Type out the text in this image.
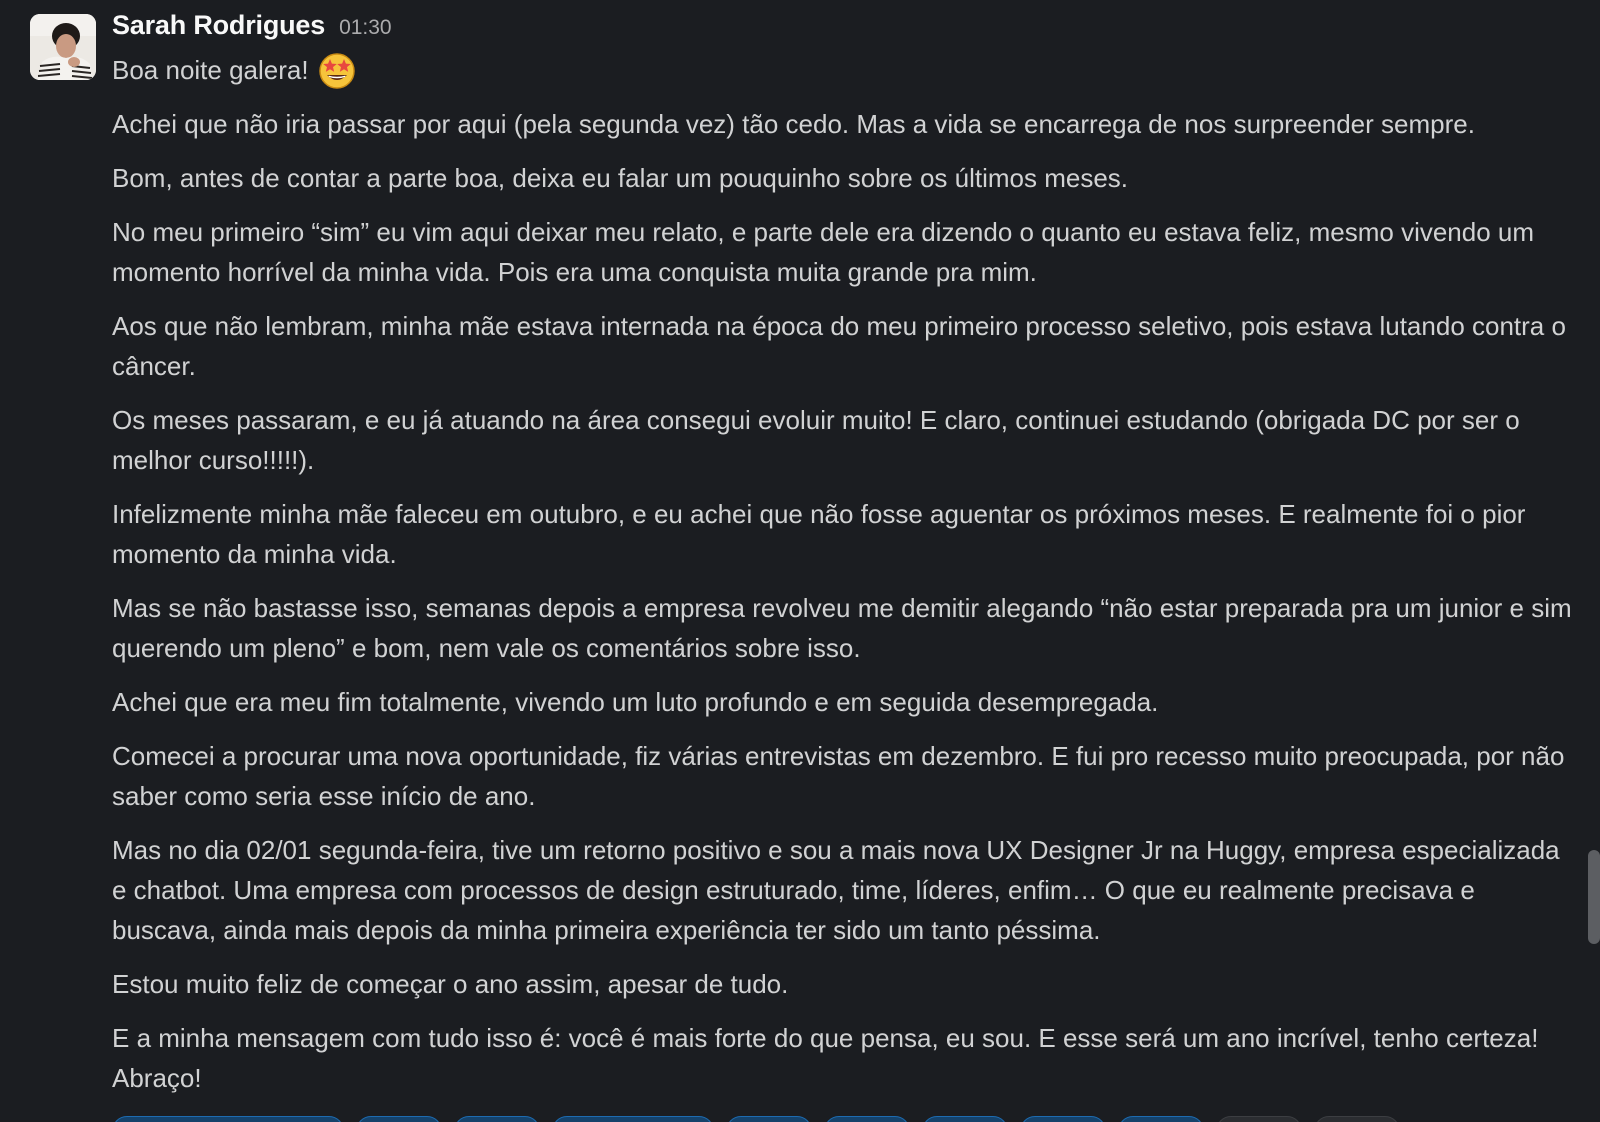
Sarah Rodrigues 01:30

Boa noite galera!

Achei que não iria passar por aqui (pela segunda vez) tão cedo. Mas a vida se encarrega de nos surpreender sempre.

Bom, antes de contar a parte boa, deixa eu falar um pouquinho sobre os últimos meses.

No meu primeiro “sim” eu vim aqui deixar meu relato, e parte dele era dizendo o quanto eu estava feliz, mesmo vivendo um momento horrível da minha vida. Pois era uma conquista muita grande pra mim.

Aos que não lembram, minha mãe estava internada na época do meu primeiro processo seletivo, pois estava lutando contra o câncer.

Os meses passaram, e eu já atuando na área consegui evoluir muito! E claro, continuei estudando (obrigada DC por ser o melhor curso!!!!!).

Infelizmente minha mãe faleceu em outubro, e eu achei que não fosse aguentar os próximos meses. E realmente foi o pior momento da minha vida.

Mas se não bastasse isso, semanas depois a empresa revolveu me demitir alegando “não estar preparada pra um junior e sim querendo um pleno” e bom, nem vale os comentários sobre isso.

Achei que era meu fim totalmente, vivendo um luto profundo e em seguida desempregada.

Comecei a procurar uma nova oportunidade, fiz várias entrevistas em dezembro. E fui pro recesso muito preocupada, por não saber como seria esse início de ano.

Mas no dia 02/01 segunda-feira, tive um retorno positivo e sou a mais nova UX Designer Jr na Huggy, empresa especializada e chatbot. Uma empresa com processos de design estruturado, time, líderes, enfim… O que eu realmente precisava e buscava, ainda mais depois da minha primeira experiência ter sido um tanto péssima.

Estou muito feliz de começar o ano assim, apesar de tudo.

E a minha mensagem com tudo isso é: você é mais forte do que pensa, eu sou. E esse será um ano incrível, tenho certeza! Abraço!
